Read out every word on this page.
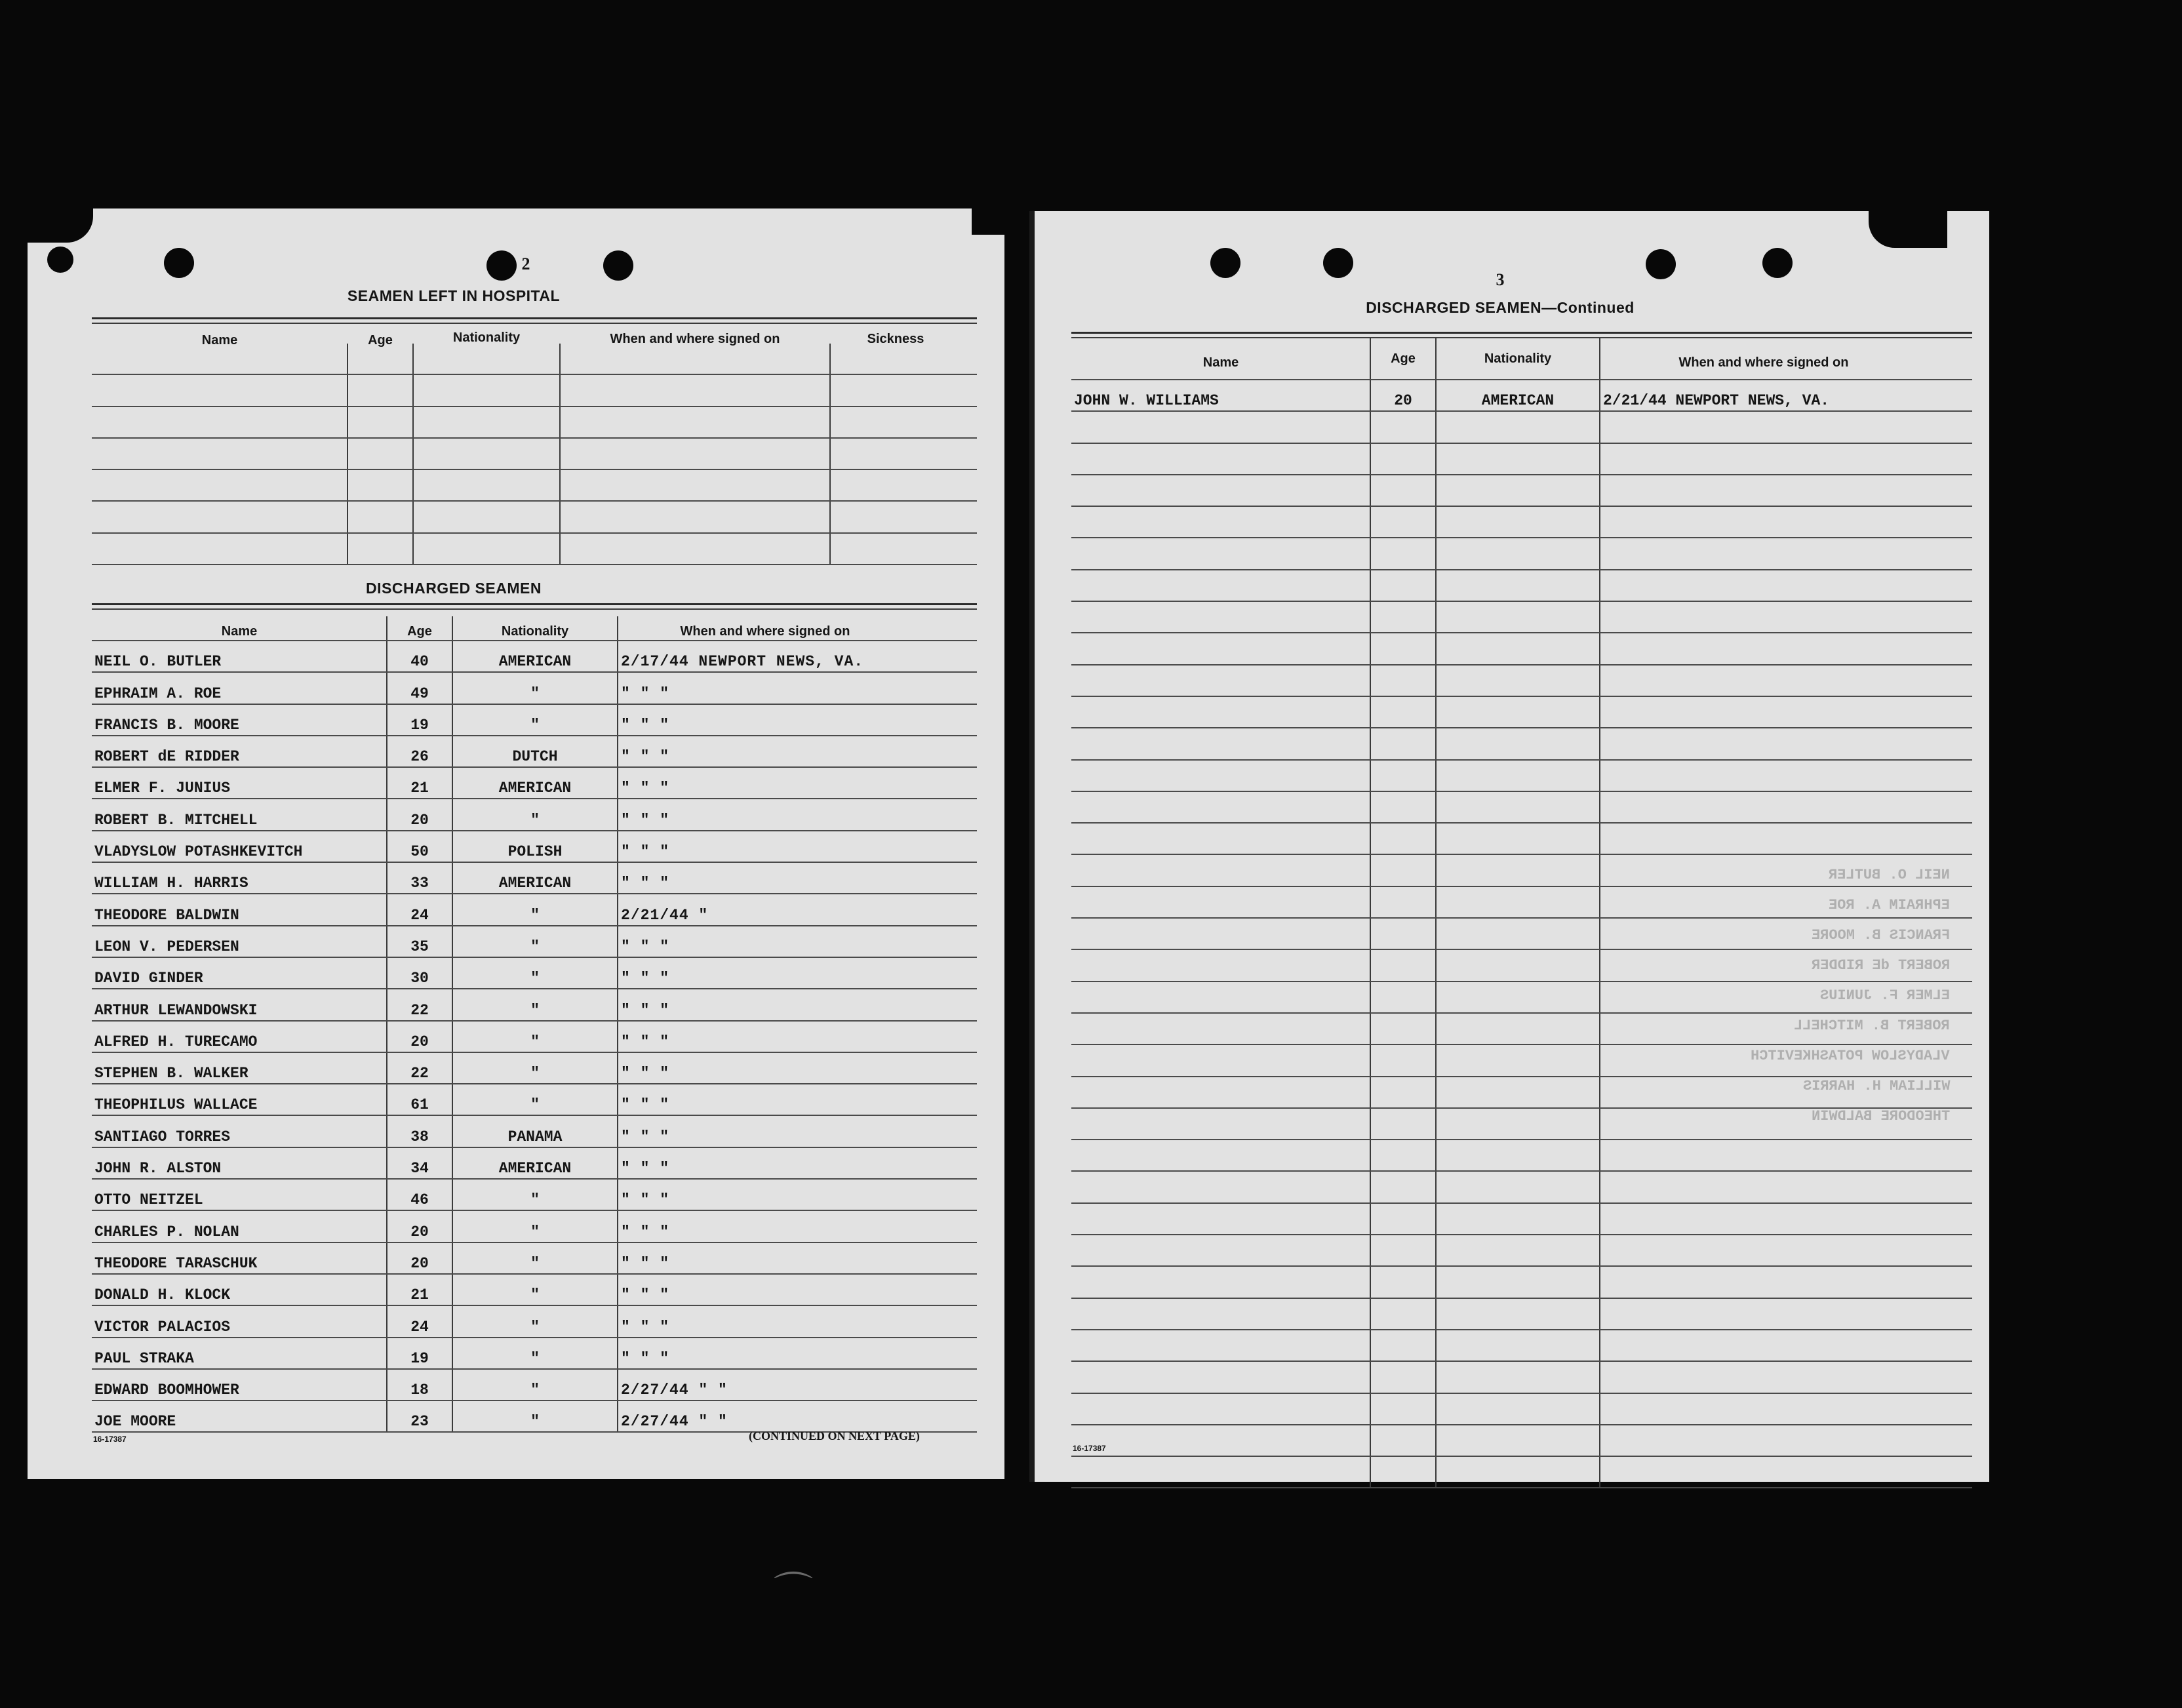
2
SEAMEN LEFT IN HOSPITAL
Name	Age	Nationality	When and where signed on	Sickness

DISCHARGED SEAMEN
Name	Age	Nationality	When and where signed on

NEIL O. BUTLER	40	AMERICAN	2/17/44 NEWPORT NEWS, VA.
EPHRAIM A. ROE	49	"	" " "
FRANCIS B. MOORE	19	"	" " "
ROBERT dE RIDDER	26	DUTCH	" " "
ELMER F. JUNIUS	21	AMERICAN	" " "
ROBERT B. MITCHELL	20	"	" " "
VLADYSLOW POTASHKEVITCH	50	POLISH	" " "
WILLIAM H. HARRIS	33	AMERICAN	" " "
THEODORE BALDWIN	24	"	2/21/44 "
LEON V. PEDERSEN	35	"	" " "
DAVID GINDER	30	"	" " "
ARTHUR LEWANDOWSKI	22	"	" " "
ALFRED H. TURECAMO	20	"	" " "
STEPHEN B. WALKER	22	"	" " "
THEOPHILUS WALLACE	61	"	" " "
SANTIAGO TORRES	38	PANAMA	" " "
JOHN R. ALSTON	34	AMERICAN	" " "
OTTO NEITZEL	46	"	" " "
CHARLES P. NOLAN	20	"	" " "
THEODORE TARASCHUK	20	"	" " "
DONALD H. KLOCK	21	"	" " "
VICTOR PALACIOS	24	"	" " "
PAUL STRAKA	19	"	" " "
EDWARD BOOMHOWER	18	"	2/27/44 " "
JOE MOORE	23	"	2/27/44 " "
16-17387	(CONTINUED ON NEXT PAGE)
3
DISCHARGED SEAMEN—Continued
Name	Age	Nationality	When and where signed on

JOHN W. WILLIAMS	20	AMERICAN	2/21/44 NEWPORT NEWS, VA.

NEIL O. BUTLER
EPHRAIM A. ROE
FRANCIS B. MOORE
ROBERT dE RIDDER
ELMER F. JUNIUS
ROBERT B. MITCHELL
VLADYSLOW POTASHKEVITCH
WILLIAM H. HARRIS
THEODORE BALDWIN
16-17387
⌒
